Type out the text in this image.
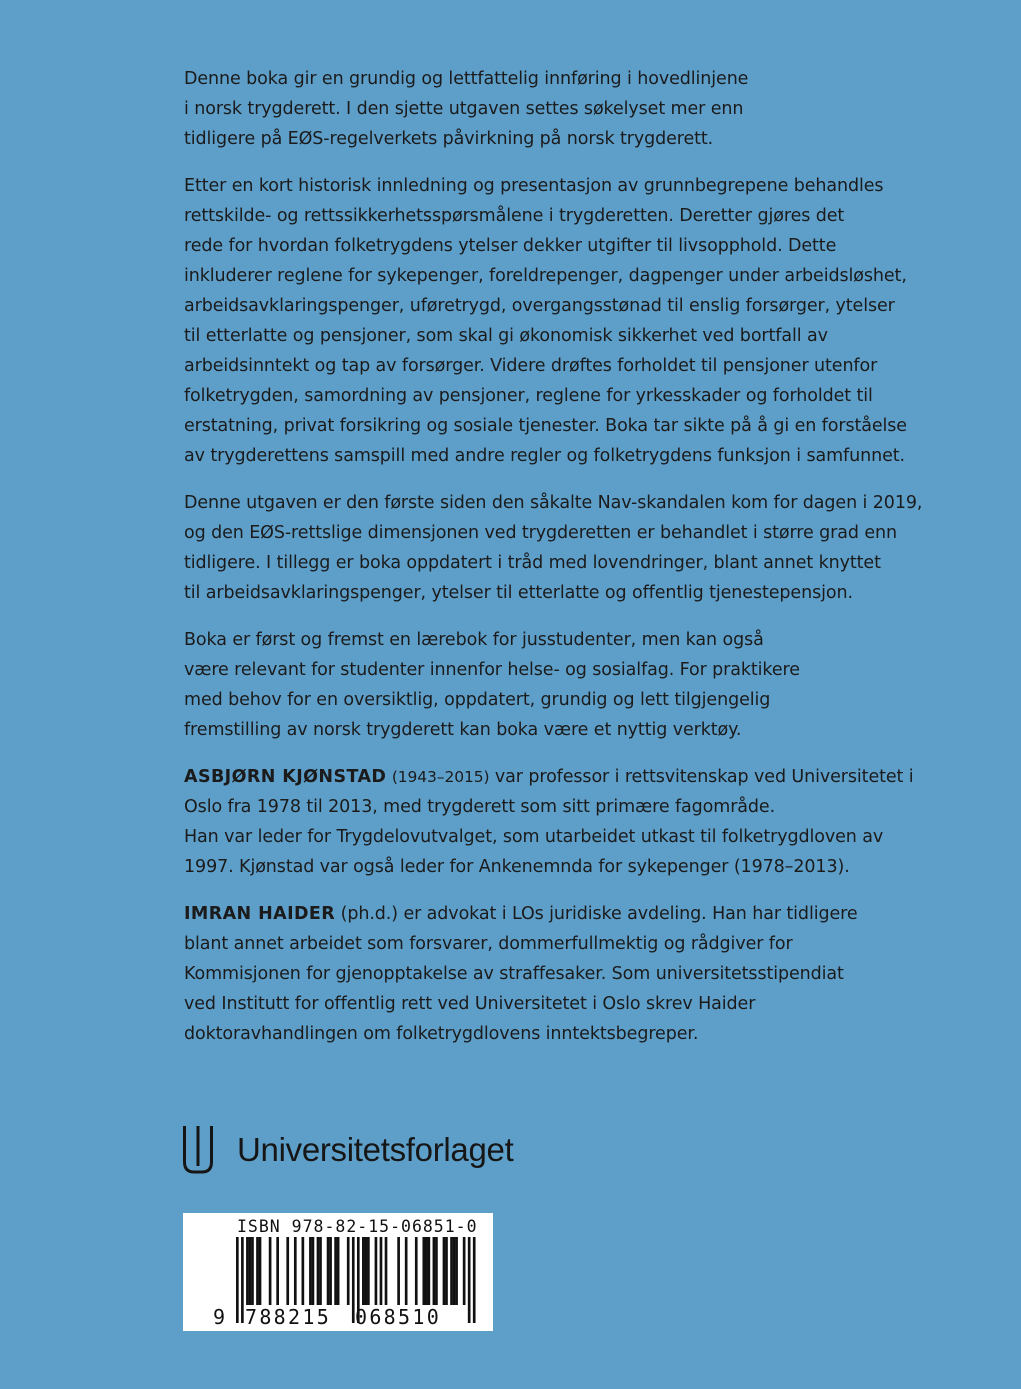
Denne boka gir en grundig og lettfattelig innføring i hovedlinjene
i norsk trygderett. I den sjette utgaven settes søkelyset mer enn
tidligere på EØS-regelverkets påvirkning på norsk trygderett.
Etter en kort historisk innledning og presentasjon av grunnbegrepene behandles
rettskilde- og rettssikkerhetsspørsmålene i trygderetten. Deretter gjøres det
rede for hvordan folketrygdens ytelser dekker utgifter til livsopphold. Dette
inkluderer reglene for sykepenger, foreldrepenger, dagpenger under arbeidsløshet,
arbeidsavklaringspenger, uføretrygd, overgangsstønad til enslig forsørger, ytelser
til etterlatte og pensjoner, som skal gi økonomisk sikkerhet ved bortfall av
arbeidsinntekt og tap av forsørger. Videre drøftes forholdet til pensjoner utenfor
folketrygden, samordning av pensjoner, reglene for yrkesskader og forholdet til
erstatning, privat forsikring og sosiale tjenester. Boka tar sikte på å gi en forståelse
av trygderettens samspill med andre regler og folketrygdens funksjon i samfunnet.
Denne utgaven er den første siden den såkalte Nav-skandalen kom for dagen i 2019,
og den EØS-rettslige dimensjonen ved trygderetten er behandlet i større grad enn
tidligere. I tillegg er boka oppdatert i tråd med lovendringer, blant annet knyttet
til arbeidsavklaringspenger, ytelser til etterlatte og offentlig tjenestepensjon.
Boka er først og fremst en lærebok for jusstudenter, men kan også
være relevant for studenter innenfor helse- og sosialfag. For praktikere
med behov for en oversiktlig, oppdatert, grundig og lett tilgjengelig
fremstilling av norsk trygderett kan boka være et nyttig verktøy.
ASBJØRN KJØNSTAD (1943–2015) var professor i rettsvitenskap ved Universitetet i
Oslo fra 1978 til 2013, med trygderett som sitt primære fagområde.
Han var leder for Trygdelovutvalget, som utarbeidet utkast til folketrygdloven av
1997. Kjønstad var også leder for Ankenemnda for sykepenger (1978–2013).
IMRAN HAIDER (ph.d.) er advokat i LOs juridiske avdeling. Han har tidligere
blant annet arbeidet som forsvarer, dommerfullmektig og rådgiver for
Kommisjonen for gjenopptakelse av straffesaker. Som universitetsstipendiat
ved Institutt for offentlig rett ved Universitetet i Oslo skrev Haider
doktoravhandlingen om folketrygdlovens inntektsbegreper.
Universitetsforlaget
ISBN 978-82-15-06851-0
9 788215 068510
